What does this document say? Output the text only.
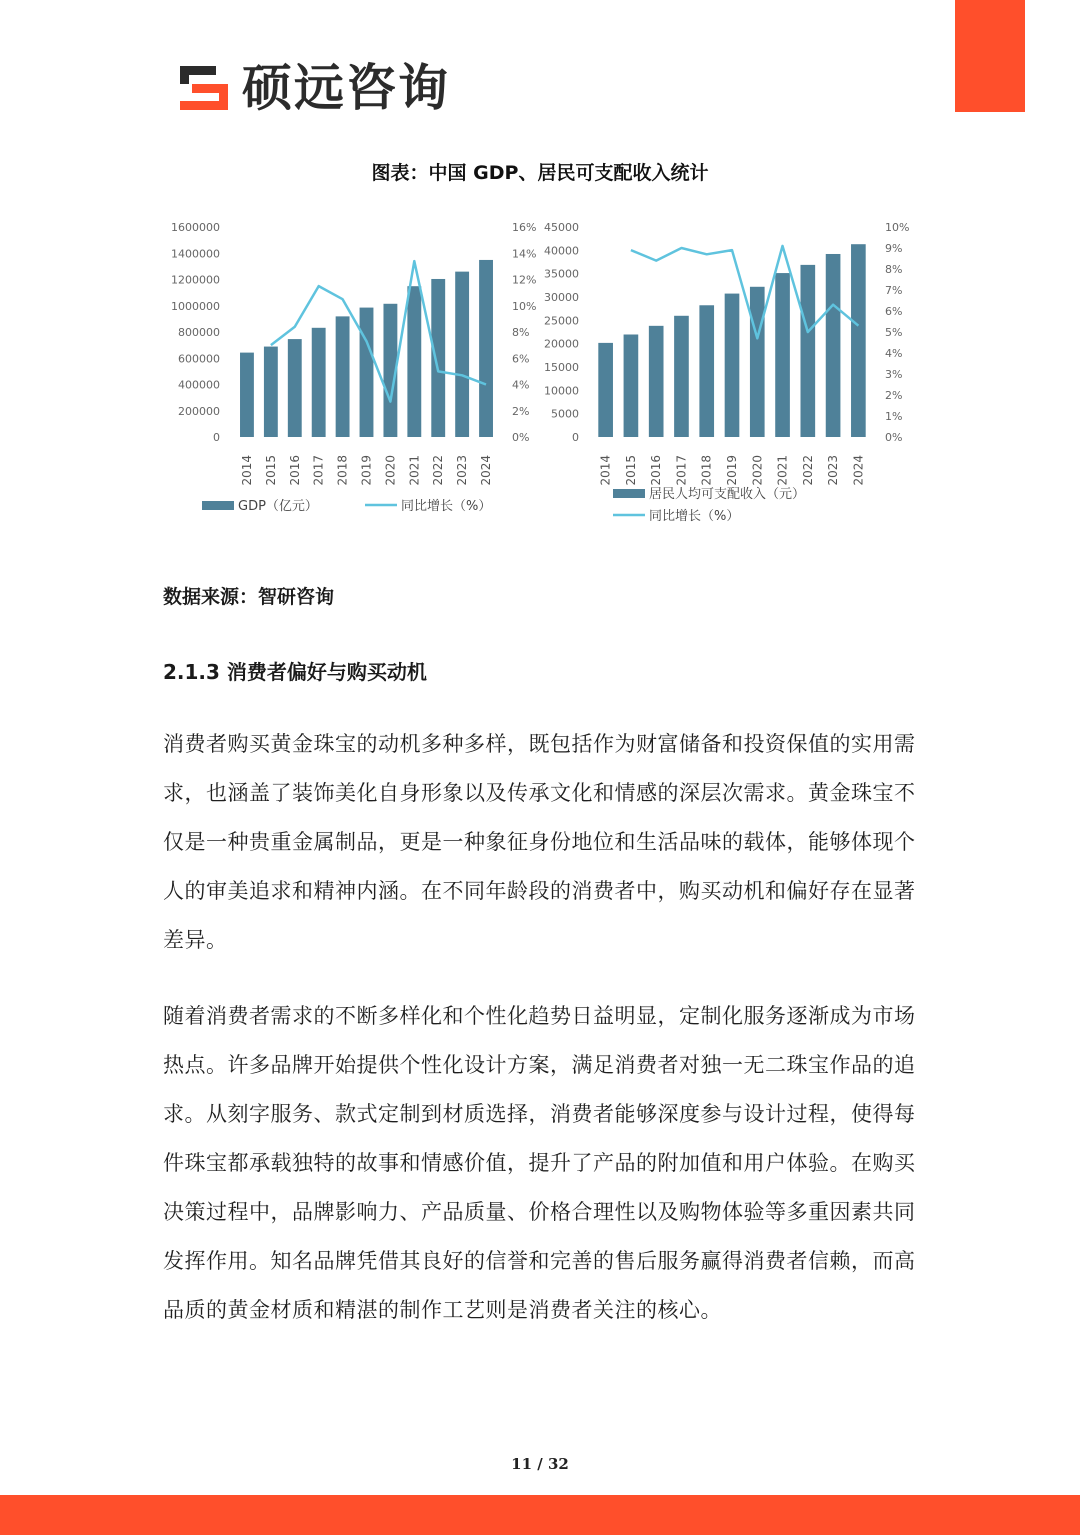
硕远咨询
图表：中国 GDP、居民可支配收入统计
0
200000
400000
600000
800000
1000000
1200000
1400000
1600000
0%
2%
4%
6%
8%
10%
12%
14%
16%
2014 2015 2016 2017 2018 2019 2020 2021 2022 2023 2024
GDP（亿元）	同比增长（%）
0
5000
10000
15000
20000
25000
30000
35000
40000
45000
0%
1%
2%
3%
4%
5%
6%
7%
8%
9%
10%
2014 2015 2016 2017 2018 2019 2020 2021 2022 2023 2024
居民人均可支配收入（元）
同比增长（%）
数据来源：智研咨询
2.1.3 消费者偏好与购买动机

消费者购买黄金珠宝的动机多种多样，既包括作为财富储备和投资保值的实用需求，也涵盖了装饰美化自身形象以及传承文化和情感的深层次需求。黄金珠宝不仅是一种贵重金属制品，更是一种象征身份地位和生活品味的载体，能够体现个人的审美追求和精神内涵。在不同年龄段的消费者中，购买动机和偏好存在显著差异。

随着消费者需求的不断多样化和个性化趋势日益明显，定制化服务逐渐成为市场热点。许多品牌开始提供个性化设计方案，满足消费者对独一无二珠宝作品的追求。从刻字服务、款式定制到材质选择，消费者能够深度参与设计过程，使得每件珠宝都承载独特的故事和情感价值，提升了产品的附加值和用户体验。在购买决策过程中，品牌影响力、产品质量、价格合理性以及购物体验等多重因素共同发挥作用。知名品牌凭借其良好的信誉和完善的售后服务赢得消费者信赖，而高品质的黄金材质和精湛的制作工艺则是消费者关注的核心。

11 / 32
